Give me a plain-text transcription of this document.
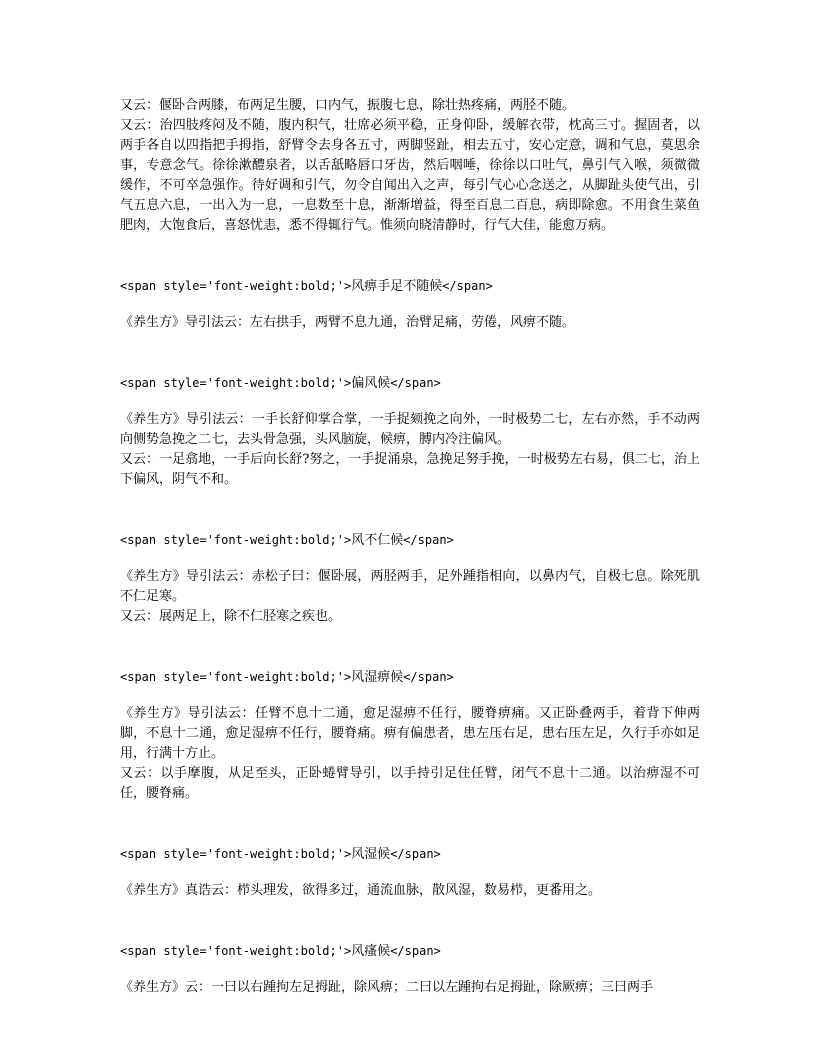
又云：偃卧合两膝，布两足生腰，口内气，振腹七息，除壮热疼痛，两胫不随。

又云：治四肢疼闷及不随，腹内积气，壮席必须平稳，正身仰卧，缓解衣带，枕高三寸。握固者，以两手各自以四指把手拇指，舒臂令去身各五寸，两脚竖趾，相去五寸，安心定意，调和气息，莫思余事，专意念气。徐徐漱醴泉者，以舌舐略唇口牙齿，然后咽唾，徐徐以口吐气，鼻引气入喉，须微微缓作，不可卒急强作。待好调和引气，勿令自闻出入之声，每引气心心念送之，从脚趾头使气出，引气五息六息，一出入为一息，一息数至十息，渐渐增益，得至百息二百息，病即除愈。不用食生菜鱼肥肉，大饱食后，喜怒忧恚，悉不得辄行气。惟须向晓清静时，行气大佳，能愈万病。

<span style='font-weight:bold;'>风痹手足不随候</span>

《养生方》导引法云：左右拱手，两臂不息九通，治臂足痛，劳倦，风痹不随。

<span style='font-weight:bold;'>偏风候</span>

《养生方》导引法云：一手长舒仰掌合掌，一手捉颏挽之向外，一时极势二七，左右亦然，手不动两向侧势急挽之二七，去头骨急强，头风脑旋，候痹，膊内冷注偏风。

又云：一足翕地，一手后向长舒?努之，一手捉涌泉，急挽足努手挽，一时极势左右易，俱二七，治上下偏风，阴气不和。

<span style='font-weight:bold;'>风不仁候</span>

《养生方》导引法云：赤松子曰：偃卧展，两胫两手，足外踵指相向，以鼻内气，自极七息。除死肌不仁足寒。

又云：展两足上，除不仁胫寒之疾也。

<span style='font-weight:bold;'>风湿痹候</span>

《养生方》导引法云：任臂不息十二通，愈足湿痹不任行，腰脊痹痛。又正卧叠两手，着背下伸两脚，不息十二通，愈足湿痹不任行，腰脊痛。痹有偏患者，患左压右足，患右压左足，久行手亦如足用，行满十方止。

又云：以手摩腹，从足至头，正卧蜷臂导引，以手持引足住任臂，闭气不息十二通。以治痹湿不可任，腰脊痛。

<span style='font-weight:bold;'>风湿候</span>

《养生方》真诰云：栉头理发，欲得多过，通流血脉，散风湿，数易栉，更番用之。

<span style='font-weight:bold;'>风瘙候</span>

《养生方》云：一曰以右踵拘左足拇趾，除风痹；二曰以左踵拘右足拇趾，除厥痹；三曰两手
